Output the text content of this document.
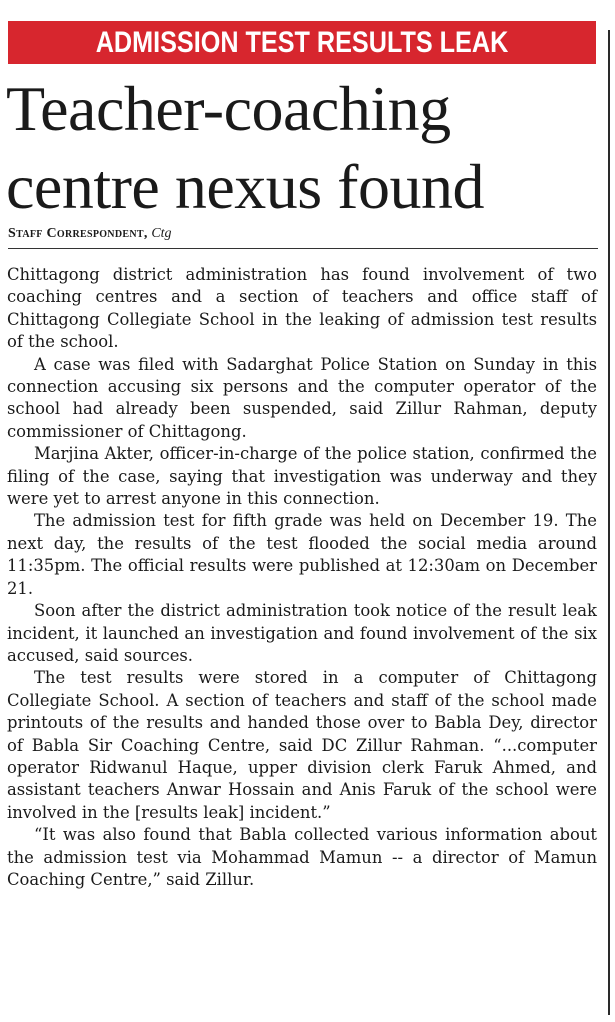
ADMISSION TEST RESULTS LEAK
Teacher-coaching centre nexus found
Staff Correspondent, Ctg

Chittagong district administration has found involvement of two coaching centres and a section of teachers and office staff of Chittagong Collegiate School in the leaking of admission test results of the school.

A case was filed with Sadarghat Police Station on Sunday in this connection accusing six persons and the computer operator of the school had already been suspended, said Zillur Rahman, deputy commissioner of Chittagong.

Marjina Akter, officer-in-charge of the police station, confirmed the filing of the case, saying that investigation was underway and they were yet to arrest anyone in this connection.

The admission test for fifth grade was held on December 19. The next day, the results of the test flooded the social media around 11:35pm. The official results were published at 12:30am on December 21.

Soon after the district administration took notice of the result leak incident, it launched an investigation and found involvement of the six accused, said sources.

The test results were stored in a computer of Chittagong Collegiate School. A section of teachers and staff of the school made printouts of the results and handed those over to Babla Dey, director of Babla Sir Coaching Centre, said DC Zillur Rahman. “...computer operator Ridwanul Haque, upper division clerk Faruk Ahmed, and assistant teachers Anwar Hossain and Anis Faruk of the school were involved in the [results leak] incident.”

“It was also found that Babla collected various information about the admission test via Mohammad Mamun -- a director of Mamun Coaching Centre,” said Zillur.
